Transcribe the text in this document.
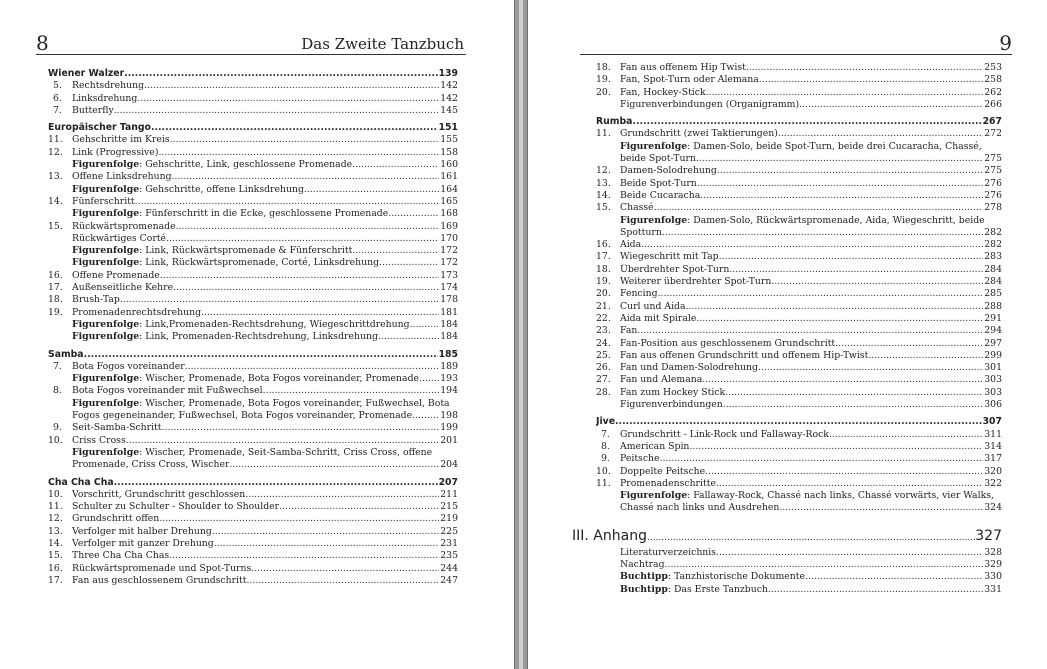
8	Das Zweite Tanzbuch
Wiener Walzer .....	139
5. Rechtsdrehung .....	142
6. Linksdrehung .....	142
7. Butterfly .....	145
Europäischer Tango .....	151
11. Gehschritte im Kreis .....	155
12. Link (Progressive) .....	158
Figurenfolge: Gehschritte, Link, geschlossene Promenade .....	160
13. Offene Linksdrehung .....	161
Figurenfolge: Gehschritte, offene Linksdrehung .....	164
14. Fünferschritt .....	165
Figurenfolge: Fünferschritt in die Ecke, geschlossene Promenade .....	168
15. Rückwärtspromenade .....	169
Rückwärtiges Corté .....	170
Figurenfolge: Link, Rückwärtspromenade & Fünferschritt .....	172
Figurenfolge: Link, Rückwärtspromenade, Corté, Linksdrehung .....	172
16. Offene Promenade .....	173
17. Außenseitliche Kehre .....	174
18. Brush-Tap .....	178
19. Promenadenrechtsdrehung .....	181
Figurenfolge: Link,Promenaden-Rechtsdrehung, Wiegeschrittdrehung .....	184
Figurenfolge: Link, Promenaden-Rechtsdrehung, Linksdrehung .....	184
Samba .....	185
7. Bota Fogos voreinander .....	189
Figurenfolge: Wischer, Promenade, Bota Fogos voreinander, Promenade ..... 193
8. Bota Fogos voreinander mit Fußwechsel .....	194
Figurenfolge: Wischer, Promenade, Bota Fogos voreinander, Fußwechsel, Bota
Fogos gegeneinander, Fußwechsel, Bota Fogos voreinander, Promenade .....	198
9. Seit-Samba-Schritt .....	199
10. Criss Cross .....	201
Figurenfolge: Wischer, Promenade, Seit-Samba-Schritt, Criss Cross, offene
Promenade, Criss Cross, Wischer .....	204
Cha Cha Cha .....	207
10. Vorschritt, Grundschritt geschlossen .....	211
11. Schulter zu Schulter - Shoulder to Shoulder .....	215
12. Grundschritt offen .....	219
13. Verfolger mit halber Drehung .....	225
14. Verfolger mit ganzer Drehung .....	231
15. Three Cha Cha Chas .....	235
16. Rückwärtspromenade und Spot-Turns .....	244
17. Fan aus geschlossenem Grundschritt .....	247
9
18. Fan aus offenem Hip Twist .....	253
19. Fan, Spot-Turn oder Alemana .....	258
20. Fan, Hockey-Stick .....	262
Figurenverbindungen (Organigramm) .....	266
Rumba .....	267
11. Grundschritt (zwei Taktierungen) .....	272
Figurenfolge: Damen-Solo, beide Spot-Turn, beide drei Cucaracha, Chassé,
beide Spot-Turn. .....	275
12. Damen-Solodrehung .....	275
13. Beide Spot-Turn .....	276
14. Beide Cucaracha .....	276
15. Chassé .....	278
Figurenfolge: Damen-Solo, Rückwärtspromenade, Aida, Wiegeschritt, beide
Spotturn. .....	282
16. Aida .....	282
17. Wiegeschritt mit Tap .....	283
18. Überdrehter Spot-Turn .....	284
19. Weiterer überdrehter Spot-Turn .....	284
20. Fencing .....	285
21. Curl und Aida .....	288
22. Aida mit Spirale .....	291
23. Fan .....	294
24. Fan-Position aus geschlossenem Grundschritt .....	297
25. Fan aus offenen Grundschritt und offenem Hip-Twist .....	299
26. Fan und Damen-Solodrehung .....	301
27. Fan und Alemana .....	303
28. Fan zum Hockey Stick .....	303
Figurenverbindungen .....	306
Jive .....	307
7. Grundschritt - Link-Rock und Fallaway-Rock .....	311
8. American Spin .....	314
9. Peitsche .....	317
10. Doppelte Peitsche .....	320
11. Promenadenschritte .....	322
Figurenfolge: Fallaway-Rock, Chassé nach links, Chassé vorwärts, vier Walks,
Chassé nach links und Ausdrehen .....	324
III. Anhang .....	327
Literaturverzeichnis .....	328
Nachtrag .....	329
Buchtipp: Tanzhistorische Dokumente .....	330
Buchtipp: Das Erste Tanzbuch .....	331
